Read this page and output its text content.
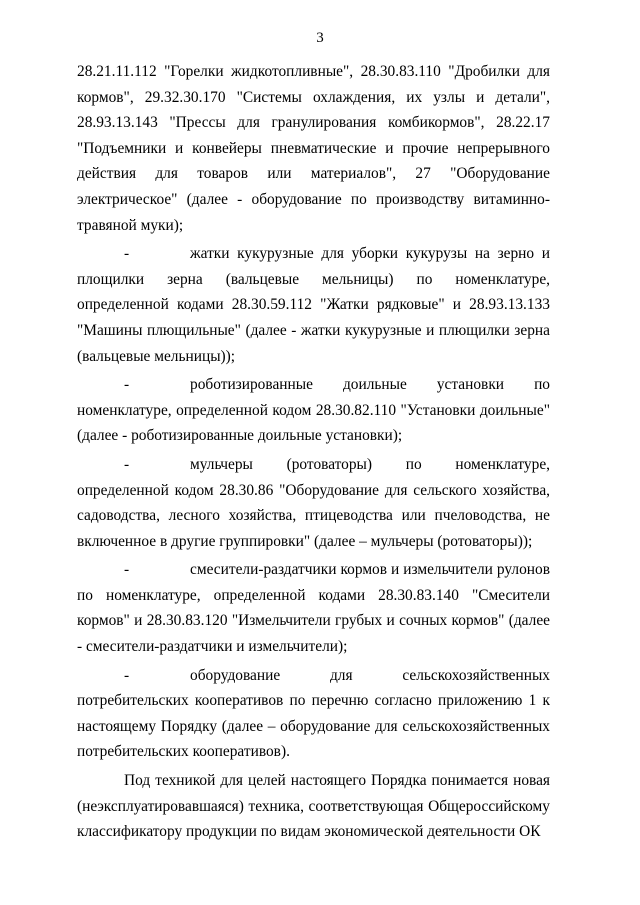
3

28.21.11.112 "Горелки жидкотопливные", 28.30.83.110 "Дробилки для кормов", 29.32.30.170 "Системы охлаждения, их узлы и детали", 28.93.13.143 "Прессы для гранулирования комбикормов", 28.22.17 "Подъемники и конвейеры пневматические и прочие непрерывного действия для товаров или материалов", 27 "Оборудование электрическое" (далее - оборудование по производству витаминно-травяной муки);

-	жатки кукурузные для уборки кукурузы на зерно и площилки зерна (вальцевые мельницы) по номенклатуре, определенной кодами 28.30.59.112 "Жатки рядковые" и 28.93.13.133 "Машины плющильные" (далее - жатки кукурузные и плющилки зерна (вальцевые мельницы));

-	роботизированные доильные установки по номенклатуре, определенной кодом 28.30.82.110 "Установки доильные" (далее - роботизированные доильные установки);

-	мульчеры (ротоваторы) по номенклатуре, определенной кодом 28.30.86 "Оборудование для сельского хозяйства, садоводства, лесного хозяйства, птицеводства или пчеловодства, не включенное в другие группировки" (далее – мульчеры (ротоваторы));

-	смесители-раздатчики кормов и измельчители рулонов по номенклатуре, определенной кодами 28.30.83.140 "Смесители кормов" и 28.30.83.120 "Измельчители грубых и сочных кормов" (далее - смесители-раздатчики и измельчители);

-	оборудование для сельскохозяйственных потребительских кооперативов по перечню согласно приложению 1 к настоящему Порядку (далее – оборудование для сельскохозяйственных потребительских кооперативов).

Под техникой для целей настоящего Порядка понимается новая (неэксплуатировавшаяся) техника, соответствующая Общероссийскому классификатору продукции по видам экономической деятельности ОК
